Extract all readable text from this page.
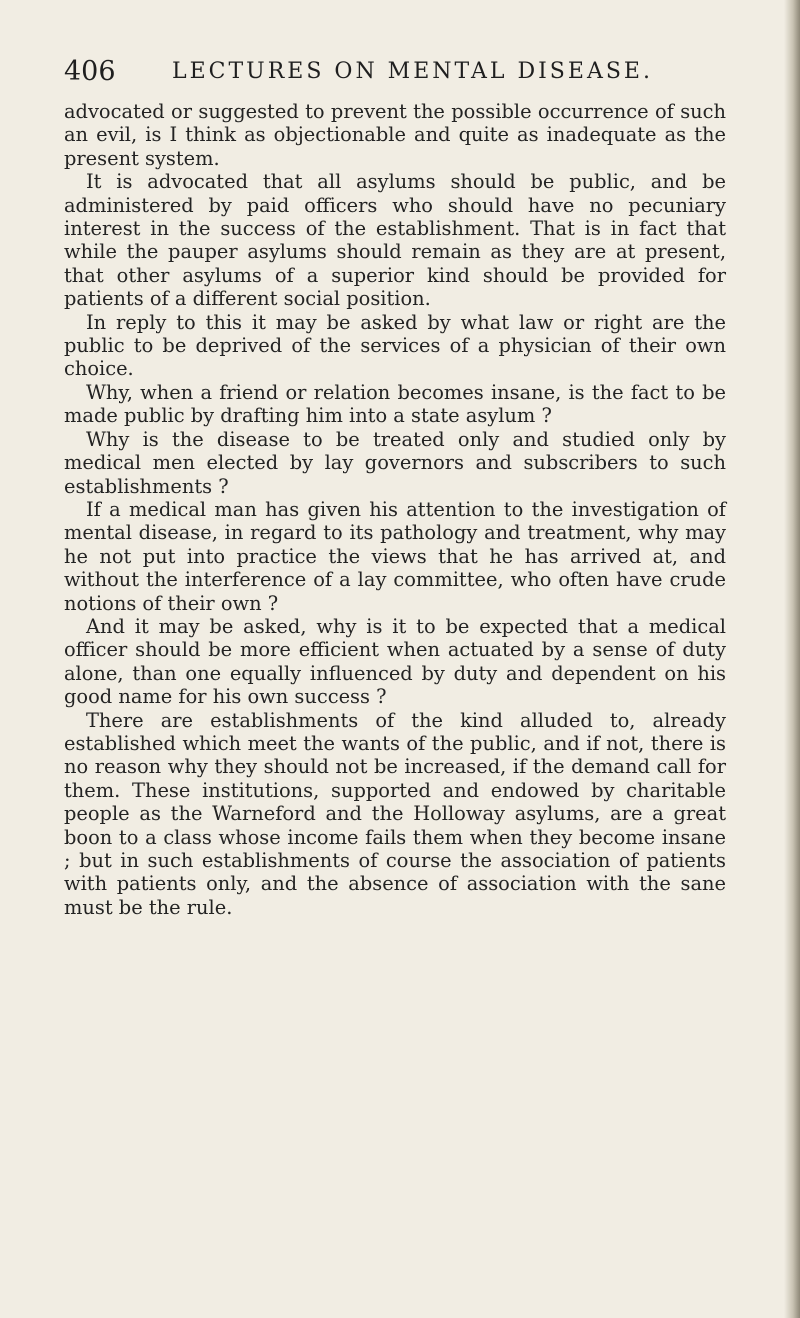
406	LECTURES ON MENTAL DISEASE.

advocated or suggested to prevent the possible occurrence of such an evil, is I think as objectionable and quite as inadequate as the present system.

It is advocated that all asylums should be public, and be administered by paid officers who should have no pecuniary interest in the success of the establishment. That is in fact that while the pauper asylums should remain as they are at present, that other asylums of a superior kind should be provided for patients of a different social position.

In reply to this it may be asked by what law or right are the public to be deprived of the services of a physician of their own choice.

Why, when a friend or relation becomes insane, is the fact to be made public by drafting him into a state asylum ?

Why is the disease to be treated only and studied only by medical men elected by lay governors and subscribers to such establishments ?

If a medical man has given his attention to the investigation of mental disease, in regard to its pathology and treatment, why may he not put into practice the views that he has arrived at, and without the interference of a lay committee, who often have crude notions of their own ?

And it may be asked, why is it to be expected that a medical officer should be more efficient when actuated by a sense of duty alone, than one equally influenced by duty and dependent on his good name for his own success ?

There are establishments of the kind alluded to, already established which meet the wants of the public, and if not, there is no reason why they should not be increased, if the demand call for them. These institutions, supported and endowed by charitable people as the Warneford and the Holloway asylums, are a great boon to a class whose income fails them when they become insane ; but in such establishments of course the association of patients with patients only, and the absence of association with the sane must be the rule.
